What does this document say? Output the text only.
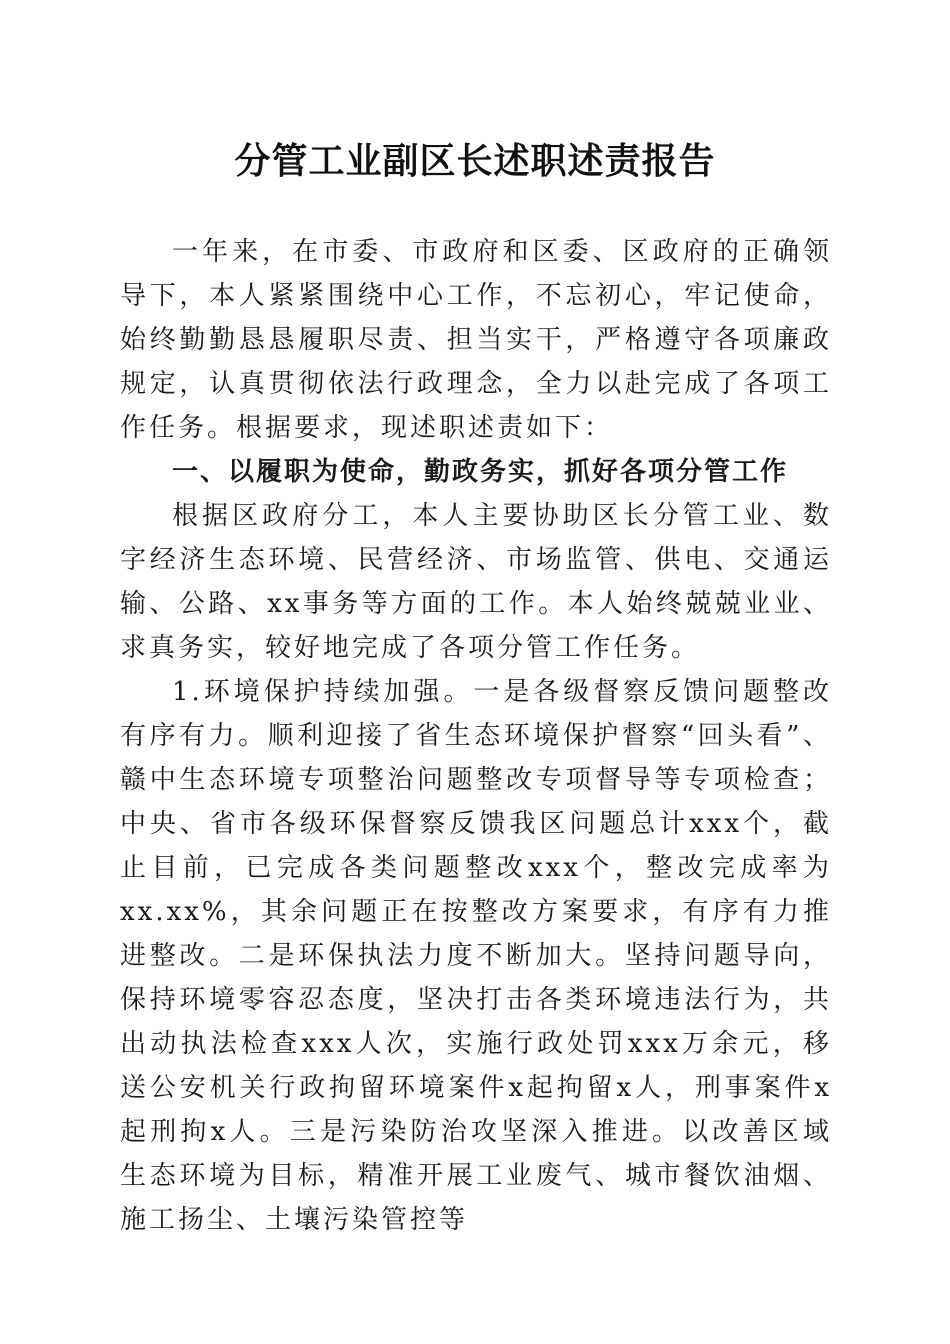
分管工业副区长述职述责报告

一年来，在市委、市政府和区委、区政府的正确领导下，本人紧紧围绕中心工作，不忘初心，牢记使命，始终勤勤恳恳履职尽责、担当实干，严格遵守各项廉政规定，认真贯彻依法行政理念，全力以赴完成了各项工作任务。根据要求，现述职述责如下：

一、以履职为使命，勤政务实，抓好各项分管工作

根据区政府分工，本人主要协助区长分管工业、数字经济生态环境、民营经济、市场监管、供电、交通运输、公路、xx事务等方面的工作。本人始终兢兢业业、求真务实，较好地完成了各项分管工作任务。

1.环境保护持续加强。一是各级督察反馈问题整改有序有力。顺利迎接了省生态环境保护督察“回头看”、赣中生态环境专项整治问题整改专项督导等专项检查；中央、省市各级环保督察反馈我区问题总计xxx个，截止目前，已完成各类问题整改xxx个，整改完成率为xx.xx%，其余问题正在按整改方案要求，有序有力推进整改。二是环保执法力度不断加大。坚持问题导向，保持环境零容忍态度，坚决打击各类环境违法行为，共出动执法检查xxx人次，实施行政处罚xxx万余元，移送公安机关行政拘留环境案件x起拘留x人，刑事案件x起刑拘x人。三是污染防治攻坚深入推进。以改善区域生态环境为目标，精准开展工业废气、城市餐饮油烟、施工扬尘、土壤污染管控等
